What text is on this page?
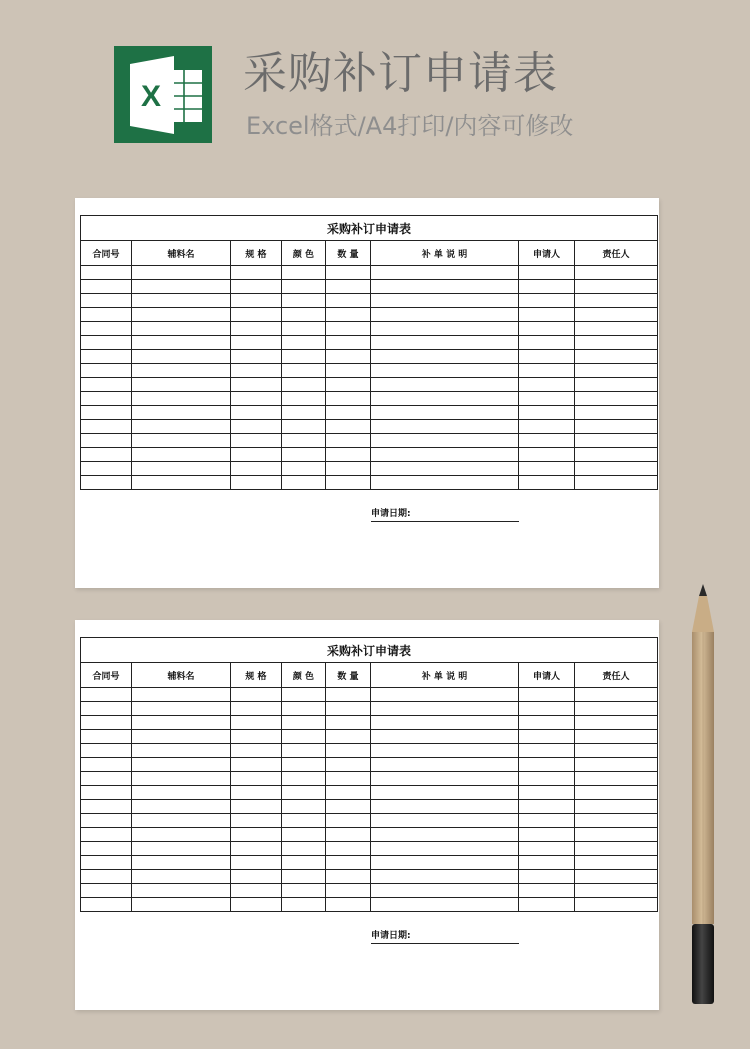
X 采购补订申请表
Excel格式/A4打印/内容可修改
采购补订申请表							
合同号	辅料名	规 格	颜 色	数 量	补 单 说 明	申请人	责任人

申请日期:
采购补订申请表							
合同号	辅料名	规 格	颜 色	数 量	补 单 说 明	申请人	责任人

申请日期:
